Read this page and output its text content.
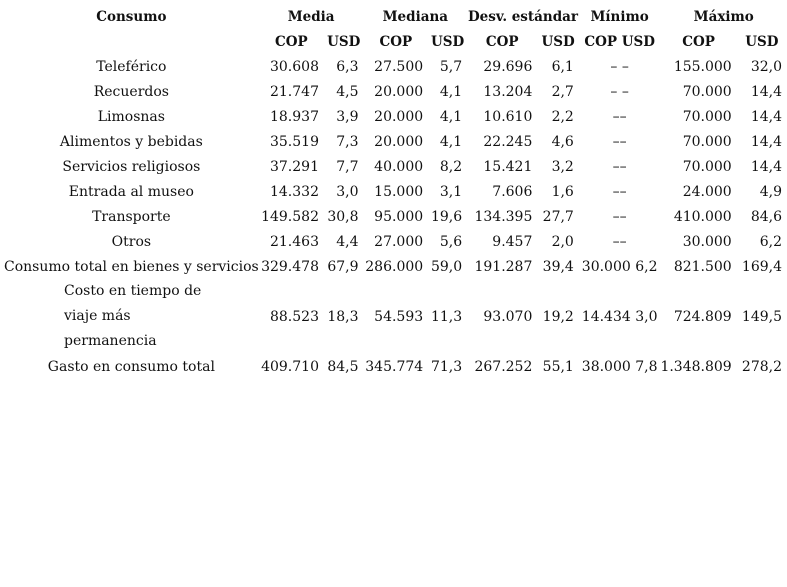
Consumo	Media		Mediana		Desv. estándar		Mínimo	Máximo	
	COP	USD	COP	USD	COP	USD	COP USD	COP	USD
Teleférico	30.608	6,3	27.500	5,7	29.696	6,1	– –	155.000	32,0
Recuerdos	21.747	4,5	20.000	4,1	13.204	2,7	– –	70.000	14,4
Limosnas	18.937	3,9	20.000	4,1	10.610	2,2	––	70.000	14,4
Alimentos y bebidas	35.519	7,3	20.000	4,1	22.245	4,6	––	70.000	14,4
Servicios religiosos	37.291	7,7	40.000	8,2	15.421	3,2	––	70.000	14,4
Entrada al museo	14.332	3,0	15.000	3,1	7.606	1,6	––	24.000	4,9
Transporte	149.582	30,8	95.000	19,6	134.395	27,7	––	410.000	84,6
Otros	21.463	4,4	27.000	5,6	9.457	2,0	––	30.000	6,2
Consumo total en bienes y servicios	329.478	67,9	286.000	59,0	191.287	39,4	30.000 6,2	821.500	169,4
Costo en tiempo de viaje más permanencia	88.523	18,3	54.593	11,3	93.070	19,2	14.434 3,0	724.809	149,5
Gasto en consumo total	409.710	84,5	345.774	71,3	267.252	55,1	38.000 7,8	1.348.809	278,2
